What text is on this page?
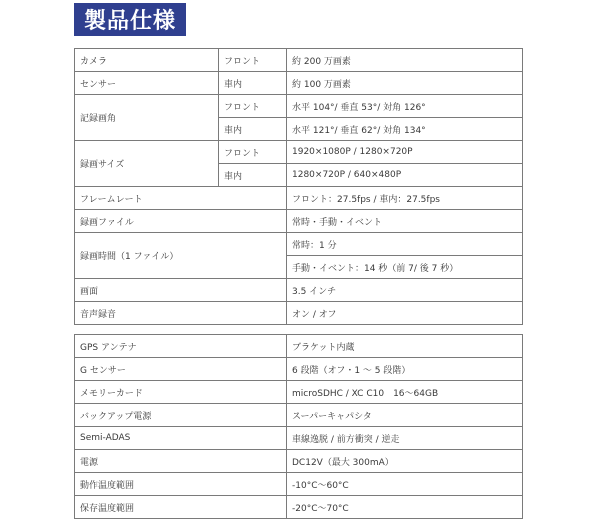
製品仕様
カメラ	フロント	約 200 万画素
センサー	車内	約 100 万画素
記録画角	フロント	水平 104°/ 垂直 53°/ 対角 126°
	車内	水平 121°/ 垂直 62°/ 対角 134°
録画サイズ	フロント	1920×1080P / 1280×720P
	車内	1280×720P / 640×480P
フレームレート		フロント：27.5fps / 車内：27.5fps
録画ファイル		常時・手動・イベント
録画時間（1 ファイル）		常時：1 分
		手動・イベント：14 秒（前 7/ 後 7 秒）
画面		3.5 インチ
音声録音		オン / オフ

GPS アンテナ		ブラケット内蔵
G センサー		6 段階（オフ・1 ～ 5 段階）
メモリーカード		microSDHC / XC C10　16～64GB
バックアップ電源		スーパーキャパシタ
Semi-ADAS		車線逸脱 / 前方衝突 / 逆走
電源		DC12V（最大 300mA）
動作温度範囲		-10°C～60°C
保存温度範囲		-20°C～70°C
